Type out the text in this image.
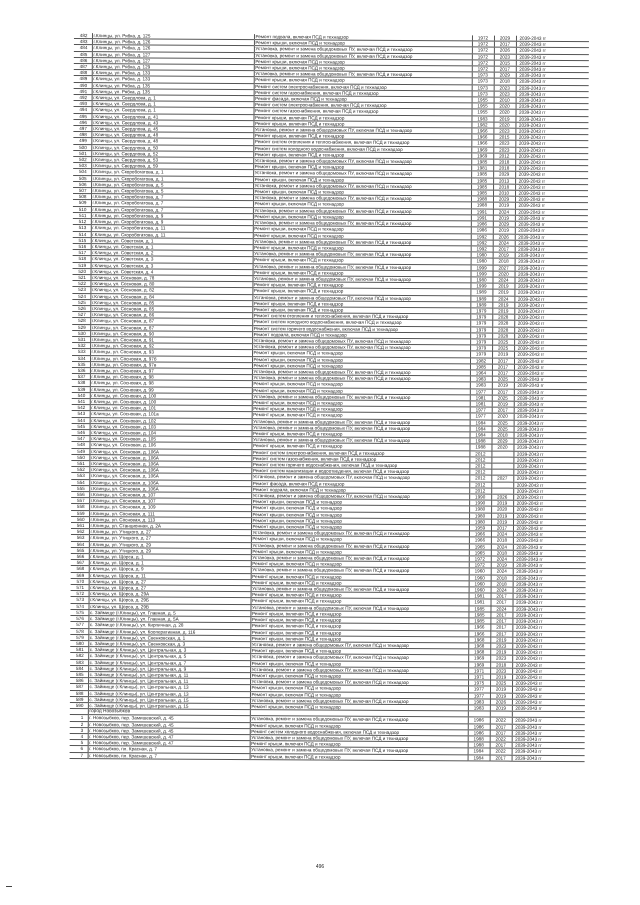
482	г.Клинцы, ул. Рябка, д. 125	Ремонт подвала, включая ПСД и технадзор	1972	2029	2039-2043 гг
483	г.Клинцы, ул. Рябка, д. 126	Ремонт крыши, включая ПСД и технадзор	1972	2017	2039-2043 гг
484	г.Клинцы, ул. Рябка, д. 126	Установка, ремонт и замена общедомовых ПУ, включая ПСД и технадзор	1972	2026	2039-2043 гг
485	г.Клинцы, ул. Рябка, д. 127	Установка, ремонт и замена общедомовых ПУ, включая ПСД и технадзор	1972	2023	2039-2043 гг
486	г.Клинцы, ул. Рябка, д. 127	Ремонт крыши, включая ПСД и технадзор	1972	2015	2039-2043 гг
487	г.Клинцы, ул. Рябка, д. 129	Ремонт крыши, включая ПСД и технадзор	1972	2017	2039-2043 гг
488	г.Клинцы, ул. Рябка, д. 133	Установка, ремонт и замена общедомовых ПУ, включая ПСД и технадзор	1973	2029	2039-2043 гг
489	г.Клинцы, ул. Рябка, д. 133	Ремонт крыши, включая ПСД и технадзор	1973	2018	2039-2043 гг
490	г.Клинцы, ул. Рябка, д. 135	Ремонт систем электроснабжения, включая ПСД и технадзор	1973	2023	2039-2043 гг
491	г.Клинцы, ул. Рябка, д. 135	Ремонт систем газоснабжения, включая ПСД и технадзор	1973	2023	2039-2043 гг
492	г.Клинцы, ул. Свердлова, д. 1	Ремонт фасада, включая ПСД и технадзор	1955	2010	2039-2043 гг
493	г.Клинцы, ул. Свердлова, д. 1	Ремонт систем электроснабжения, включая ПСД и технадзор	1955	2020	2039-2043 гг
494	г.Клинцы, ул. Свердлова, д. 1	Ремонт систем газоснабжения, включая ПСД и технадзор	1955	2020	2039-2043 гг
495	г.Клинцы, ул. Свердлова, д. 41	Ремонт крыши, включая ПСД и технадзор	1983	2019	2039-2043 гг
496	г.Клинцы, ул. Свердлова, д. 43	Ремонт крыши, включая ПСД и технадзор	1982	2020	2039-2043 гг
497	г.Клинцы, ул. Свердлова, д. 45	Установка, ремонт и замена общедомовых ПУ, включая ПСД и технадзор	1966	2023	2039-2043 гг
498	г.Клинцы, ул. Свердлова, д. 48	Ремонт крыши, включая ПСД и технадзор	1966	2015	2039-2043 гг
499	г.Клинцы, ул. Свердлова, д. 48	Ремонт систем отопления и теплоснабжения, включая ПСД и технадзор	1966	2023	2039-2043 гг
500	г.Клинцы, ул. Свердлова, д. 50	Ремонт систем холодного водоснабжения, включая ПСД и технадзор	1969	2023	2039-2043 гг
501	г.Клинцы, ул. Свердлова, д. 52	Ремонт крыши, включая ПСД и технадзор	1969	2012	2039-2043 гг
502	г.Клинцы, ул. Свердлова, д. 53	Установка, ремонт и замена общедомовых ПУ, включая ПСД и технадзор	1985	2018	2039-2043 гг
503	г.Клинцы, ул. Свердлова, д. 59	Ремонт крыши, включая ПСД и технадзор	1981	2018	2039-2043 гг
504	г.Клинцы, ул. Скоробогатова, д. 1	Установка, ремонт и замена общедомовых ПУ, включая ПСД и технадзор	1985	2029	2039-2043 гг
505	г.Клинцы, ул. Скоробогатова, д. 1	Ремонт крыши, включая ПСД и технадзор	1985	2013	2039-2043 гг
506	г.Клинцы, ул. Скоробогатова, д. 5	Установка, ремонт и замена общедомовых ПУ, включая ПСД и технадзор	1985	2018	2039-2043 гг
507	г.Клинцы, ул. Скоробогатова, д. 5	Ремонт крыши, включая ПСД и технадзор	1985	2010	2039-2043 гг
508	г.Клинцы, ул. Скоробогатова, д. 7	Установка, ремонт и замена общедомовых ПУ, включая ПСД и технадзор	1988	2029	2039-2043 гг
509	г.Клинцы, ул. Скоробогатова, д. 7	Ремонт крыши, включая ПСД и технадзор	1988	2019	2039-2043 гг
510	г.Клинцы, ул. Скоробогатова, д. 7	Установка, ремонт и замена общедомовых ПУ, включая ПСД и технадзор	1991	2024	2039-2043 гг
511	г.Клинцы, ул. Скоробогатова, д. 9	Ремонт крыши, включая ПСД и технадзор	1991	2019	2039-2043 гг
512	г.Клинцы, ул. Скоробогатова, д. 9	Установка, ремонт и замена общедомовых ПУ, включая ПСД и технадзор	1986	2029	2039-2043 гг
513	г.Клинцы, ул. Скоробогатова, д. 11	Ремонт крыши, включая ПСД и технадзор	1986	2019	2039-2043 гг
514	г.Клинцы, ул. Скоробогатова, д. 11	Ремонт крыши, включая ПСД и технадзор	1992	2026	2039-2043 гг
515	г.Клинцы, ул. Советская, д. 1	Установка, ремонт и замена общедомовых ПУ, включая ПСД и технадзор	1992	2024	2039-2043 гг
516	г.Клинцы, ул. Советская, д. 1	Ремонт крыши, включая ПСД и технадзор	1992	2017	2039-2043 гг
517	г.Клинцы, ул. Советская, д. 2	Установка, ремонт и замена общедомовых ПУ, включая ПСД и технадзор	1980	2019	2039-2043 гг
518	г.Клинцы, ул. Советская, д. 3	Ремонт крыши, включая ПСД и технадзор	1980	2018	2039-2043 гг
519	г.Клинцы, ул. Советская, д. 3	Установка, ремонт и замена общедомовых ПУ, включая ПСД и технадзор	1999	2027	2039-2043 гг
520	г.Клинцы, ул. Советская, д. 4	Ремонт крыши, включая ПСД и технадзор	1999	2020	2039-2043 гг
521	г.Клинцы, ул. Сосновая, д. 78	Установка, ремонт и замена общедомовых ПУ, включая ПСД и технадзор	1980	2024	2039-2043 гг
522	г.Клинцы, ул. Сосновая, д. 80	Ремонт крыши, включая ПСД и технадзор	1999	2019	2039-2043 гг
523	г.Клинцы, ул. Сосновая, д. 82	Ремонт крыши, включая ПСД и технадзор	1989	2019	2039-2043 гг
524	г.Клинцы, ул. Сосновая, д. 84	Установка, ремонт и замена общедомовых ПУ, включая ПСД и технадзор	1989	2024	2039-2043 гг
525	г.Клинцы, ул. Сосновая, д. 85	Ремонт крыши, включая ПСД и технадзор	1989	2019	2039-2043 гг
526	г.Клинцы, ул. Сосновая, д. 85	Ремонт крыши, включая ПСД и технадзор	1979	2019	2039-2043 гг
527	г.Клинцы, ул. Сосновая, д. 86	Ремонт систем отопления и теплоснабжения, включая ПСД и технадзор	1979	2028	2039-2043 гг
528	г.Клинцы, ул. Сосновая, д. 87	Ремонт систем холодного водоснабжения, включая ПСД и технадзор	1979	2028	2039-2043 гг
529	г.Клинцы, ул. Сосновая, д. 87	Ремонт систем горячего водоснабжения, включая ПСД и технадзор	1979	2028	2039-2043 гг
530	г.Клинцы, ул. Сосновая, д. 90	Ремонт подвала, включая ПСД и технадзор	1979	2028	2039-2043 гг
531	г.Клинцы, ул. Сосновая, д. 91	Установка, ремонт и замена общедомовых ПУ, включая ПСД и технадзор	1979	2025	2039-2043 гг
532	г.Клинцы, ул. Сосновая, д. 92	Установка, ремонт и замена общедомовых ПУ, включая ПСД и технадзор	1979	2025	2039-2043 гг
533	г.Клинцы, ул. Сосновая, д. 93	Ремонт крыши, включая ПСД и технадзор	1979	2019	2039-2043 гг
534	г.Клинцы, ул. Сосновая, д. 97б	Ремонт крыши, включая ПСД и технадзор	1982	2017	2039-2043 гг
535	г.Клинцы, ул. Сосновая, д. 97в	Ремонт крыши, включая ПСД и технадзор	1985	2017	2039-2043 гг
536	г.Клинцы, ул. Сосновая, д. 97	Установка, ремонт и замена общедомовых ПУ, включая ПСД и технадзор	1964	2017	2039-2043 гг
537	г.Клинцы, ул. Сосновая, д. 98	Установка, ремонт и замена общедомовых ПУ, включая ПСД и технадзор	1983	2025	2039-2043 гг
538	г.Клинцы, ул. Сосновая, д. 98	Ремонт крыши, включая ПСД и технадзор	1983	2019	2039-2043 гг
539	г.Клинцы, ул. Сосновая, д. 99	Ремонт крыши, включая ПСД и технадзор	1977	2017	2039-2043 гг
540	г.Клинцы, ул. Сосновая, д. 100	Установка, ремонт и замена общедомовых ПУ, включая ПСД и технадзор	1981	2025	2039-2043 гг
541	г.Клинцы, ул. Сосновая, д. 100	Ремонт крыши, включая ПСД и технадзор	1981	2019	2039-2043 гг
542	г.Клинцы, ул. Сосновая, д. 101	Ремонт крыши, включая ПСД и технадзор	1977	2017	2039-2043 гг
543	г.Клинцы, ул. Сосновая, д. 101а	Ремонт крыши, включая ПСД и технадзор	1977	2020	2039-2043 гг
544	г.Клинцы, ул. Сосновая, д. 102	Установка, ремонт и замена общедомовых ПУ, включая ПСД и технадзор	1984	2025	2039-2043 гг
545	г.Клинцы, ул. Сосновая, д. 103	Установка, ремонт и замена общедомовых ПУ, включая ПСД и технадзор	1984	2025	2039-2043 гг
546	г.Клинцы, ул. Сосновая, д. 104	Ремонт крыши, включая ПСД и технадзор	1984	2018	2039-2043 гг
547	г.Клинцы, ул. Сосновая, д. 105	Установка, ремонт и замена общедомовых ПУ, включая ПСД и технадзор	1988	2029	2039-2043 гг
548	г.Клинцы, ул. Сосновая, д. 106	Ремонт крыши, включая ПСД и технадзор	1988	2020	2039-2043 гг
549	г.Клинцы, ул. Сосновая, д. 106А	Ремонт систем электроснабжения, включая ПСД и технадзор	2012		2039-2043 гг
550	г.Клинцы, ул. Сосновая, д. 106А	Ремонт систем газоснабжения, включая ПСД и технадзор	2012		2039-2043 гг
551	г.Клинцы, ул. Сосновая, д. 106А	Ремонт систем горячего водоснабжения, включая ПСД и технадзор	2012		2039-2043 гг
552	г.Клинцы, ул. Сосновая, д. 106А	Ремонт систем канализации и водоотведения, включая ПСД и технадзор	2012		2039-2043 гг
553	г.Клинцы, ул. Сосновая, д. 106А	Установка, ремонт и замена общедомовых ПУ, включая ПСД и технадзор	2012	2027	2039-2043 гг
554	г.Клинцы, ул. Сосновая, д. 106А	Ремонт фасада, включая ПСД и технадзор	2012		2039-2043 гг
555	г.Клинцы, ул. Сосновая, д. 106А	Ремонт подвала, включая ПСД и технадзор	2012		2039-2043 гг
556	г.Клинцы, ул. Сосновая, д. 107	Установка, ремонт и замена общедомовых ПУ, включая ПСД и технадзор	1990	2026	2039-2043 гг
557	г.Клинцы, ул. Сосновая, д. 107	Ремонт крыши, включая ПСД и технадзор	1990	2019	2039-2043 гг
558	г.Клинцы, ул. Сосновая, д. 109	Ремонт крыши, включая ПСД и технадзор	1980	2020	2039-2043 гг
559	г.Клинцы, ул. Сосновая, д. 111	Ремонт крыши, включая ПСД и технадзор	1980	2019	2039-2043 гг
560	г.Клинцы, ул. Сосновая, д. 113	Ремонт крыши, включая ПСД и технадзор	1980	2019	2039-2043 гг
561	г.Клинцы, ул. Станционная, д. 2А	Ремонт крыши, включая ПСД и технадзор	1959	2017	2039-2043 гг
562	г.Клинцы, ул. Утицкого, д. 27	Установка, ремонт и замена общедомовых ПУ, включая ПСД и технадзор	1966	2024	2039-2043 гг
563	г.Клинцы, ул. Утицкого, д. 27	Ремонт крыши, включая ПСД и технадзор	1966	2018	2039-2043 гг
564	г.Клинцы, ул. Утицкого, д. 29	Установка, ремонт и замена общедомовых ПУ, включая ПСД и технадзор	1965	2024	2039-2043 гг
565	г.Клинцы, ул. Утицкого, д. 29	Ремонт крыши, включая ПСД и технадзор	1965	2018	2039-2043 гг
566	г.Клинцы, ул. Щорса, д. 1	Установка, ремонт и замена общедомовых ПУ, включая ПСД и технадзор	1972	2024	2039-2043 гг
567	г.Клинцы, ул. Щорса, д. 1	Ремонт крыши, включая ПСД и технадзор	1972	2019	2039-2043 гг
568	г.Клинцы, ул. Щорса, д. 9	Установка, ремонт и замена общедомовых ПУ, включая ПСД и технадзор	1960	2024	2039-2043 гг
569	г.Клинцы, ул. Щорса, д. 11	Ремонт крыши, включая ПСД и технадзор	1960	2018	2039-2043 гг
570	г.Клинцы, ул. Щорса, д. 27	Ремонт крыши, включая ПСД и технадзор	1960	2018	2039-2043 гг
571	г.Клинцы, ул. Щорса, д. 27	Установка, ремонт и замена общедомовых ПУ, включая ПСД и технадзор	1960	2024	2039-2043 гг
572	г.Клинцы, ул. Щорса, д. 29А	Ремонт крыши, включая ПСД и технадзор	1981	2017	2039-2043 гг
573	г.Клинцы, ул. Щорса, д. 29Б	Ремонт крыши, включая ПСД и технадзор	1981	2017	2039-2043 гг
574	г.Клинцы, ул. Щорса, д. 29В	Установка, ремонт и замена общедомовых ПУ, включая ПСД и технадзор	1985	2024	2039-2043 гг
575	с. Займище (г.Клинцы), ул. Главная, д. 5	Ремонт крыши, включая ПСД и технадзор	1985	2017	2039-2043 гг
576	с. Займище (г.Клинцы), ул. Главная, д. 5А	Ремонт крыши, включая ПСД и технадзор	1985	2017	2039-2043 гг
577	с. Займище (г.Клинцы), ул. Кирпичная, д. 28	Ремонт крыши, включая ПСД и технадзор	1966	2017	2039-2043 гг
578	с. Займище (г.Клинцы), ул. Кооперативная, д. 116	Ремонт крыши, включая ПСД и технадзор	1966	2017	2039-2043 гг
579	с. Займище (г.Клинцы), ул. Свенковская, д. 1	Ремонт крыши, включая ПСД и технадзор	1968	2019	2039-2043 гг
580	с. Займище (г.Клинцы), ул. Свенковская, д. 3	Установка, ремонт и замена общедомовых ПУ, включая ПСД и технадзор	1968	2023	2039-2043 гг
581	с. Займище (г.Клинцы), ул. Центральная, д. 3	Ремонт крыши, включая ПСД и технадзор	1968	2019	2039-2043 гг
582	с. Займище (г.Клинцы), ул. Центральная, д. 5	Установка, ремонт и замена общедомовых ПУ, включая ПСД и технадзор	1969	2023	2039-2043 гг
583	с. Займище (г.Клинцы), ул. Центральная, д. 7	Ремонт крыши, включая ПСД и технадзор	1969	2018	2039-2043 гг
584	с. Займище (г.Клинцы), ул. Центральная, д. 9	Установка, ремонт и замена общедомовых ПУ, включая ПСД и технадзор	1971	2023	2039-2043 гг
585	с. Займище (г.Клинцы), ул. Центральная, д. 11	Ремонт крыши, включая ПСД и технадзор	1971	2019	2039-2043 гг
586	с. Займище (г.Клинцы), ул. Центральная, д. 11	Установка, ремонт и замена общедомовых ПУ, включая ПСД и технадзор	1975	2025	2039-2043 гг
587	с. Займище (г.Клинцы), ул. Центральная, д. 13	Ремонт крыши, включая ПСД и технадзор	1977	2019	2039-2043 гг
588	с. Займище (г.Клинцы), ул. Центральная, д. 13	Ремонт крыши, включая ПСД и технадзор	1977	2019	2039-2043 гг
589	с. Займище (г.Клинцы), ул. Центральная, д. 15	Установка, ремонт и замена общедомовых ПУ, включая ПСД и технадзор	1983	2026	2039-2043 гг
590	с. Займище (г.Клинцы), ул. Центральная, д. 15	Ремонт крыши, включая ПСД и технадзор	1983	2019	2039-2043 гг
	город Новозыбков				
1	г. Новозыбков, пер. Замишевский, д. 45	Установка, ремонт и замена общедомовых ПУ, включая ПСД и технадзор	1986	2022	2039-2043 гг
2	г. Новозыбков, пер. Замишевский, д. 45	Ремонт крыши, включая ПСД и технадзор	1986	2017	2039-2043 гг
3	г. Новозыбков, пер. Замишевский, д. 45	Ремонт систем холодного водоснабжения, включая ПСД и технадзор	1986	2017	2039-2043 гг
4	г. Новозыбков, пер. Замишевский, д. 47	Установка, ремонт и замена общедомовых ПУ, включая ПСД и технадзор	1988	2022	2039-2043 гг
5	г. Новозыбков, пер. Замишевский, д. 47	Ремонт крыши, включая ПСД и технадзор	1988	2017	2039-2043 гг
6	г. Новозыбков, пл. Красная, д. 7	Установка, ремонт и замена общедомовых ПУ, включая ПСД и технадзор	1984	2022	2039-2043 гг
7	г. Новозыбков, пл. Красная, д. 7	Ремонт крыши, включая ПСД и технадзор	1984	2017	2039-2043 гг
496
